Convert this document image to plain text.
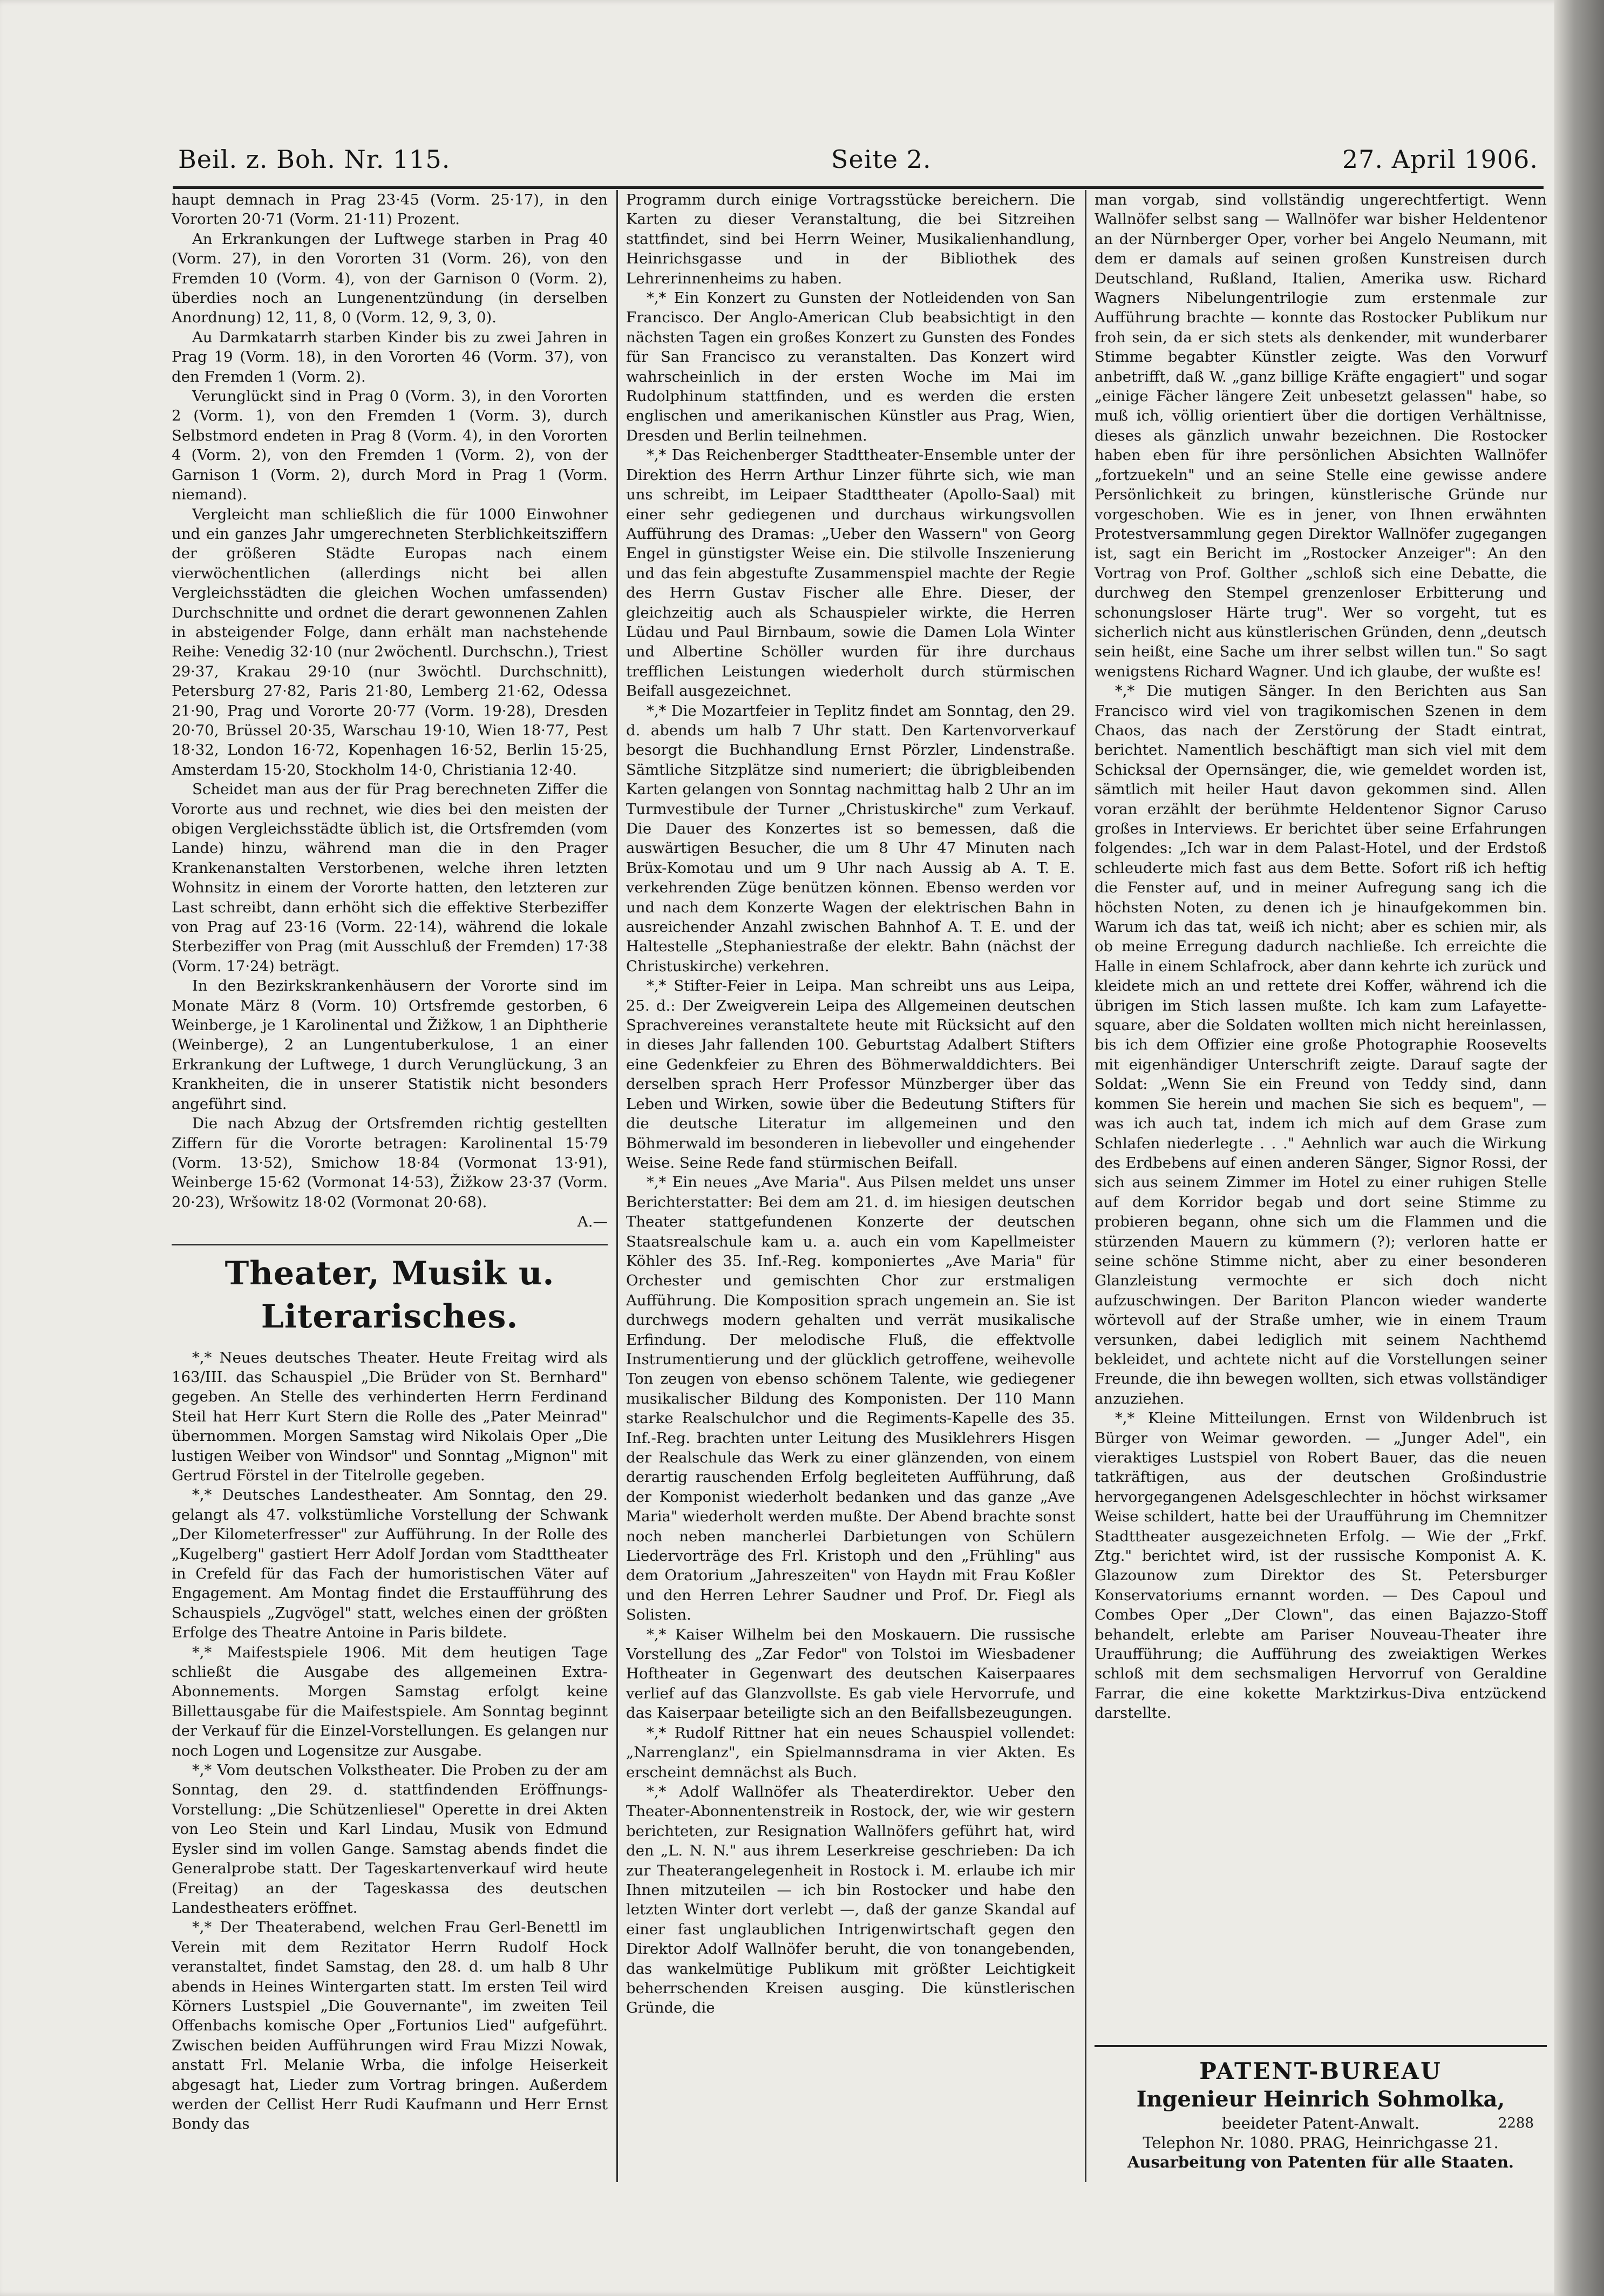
Beil. z. Boh. Nr. 115.	Seite 2.	27. April 1906.

haupt demnach in Prag 23·45 (Vorm. 25·17), in den Vororten 20·71 (Vorm. 21·11) Prozent.

An Erkrankungen der Luftwege starben in Prag 40 (Vorm. 27), in den Vororten 31 (Vorm. 26), von den Fremden 10 (Vorm. 4), von der Garnison 0 (Vorm. 2), überdies noch an Lungenentzündung (in derselben Anordnung) 12, 11, 8, 0 (Vorm. 12, 9, 3, 0).

Au Darmkatarrh starben Kinder bis zu zwei Jahren in Prag 19 (Vorm. 18), in den Vororten 46 (Vorm. 37), von den Fremden 1 (Vorm. 2).

Verunglückt sind in Prag 0 (Vorm. 3), in den Vororten 2 (Vorm. 1), von den Fremden 1 (Vorm. 3), durch Selbstmord endeten in Prag 8 (Vorm. 4), in den Vororten 4 (Vorm. 2), von den Fremden 1 (Vorm. 2), von der Garnison 1 (Vorm. 2), durch Mord in Prag 1 (Vorm. niemand).

Vergleicht man schließlich die für 1000 Einwohner und ein ganzes Jahr umgerechneten Sterblichkeitsziffern der größeren Städte Europas nach einem vierwöchentlichen (allerdings nicht bei allen Vergleichsstädten die gleichen Wochen umfassenden) Durchschnitte und ordnet die derart gewonnenen Zahlen in absteigender Folge, dann erhält man nachstehende Reihe: Venedig 32·10 (nur 2wöchentl. Durchschn.), Triest 29·37, Krakau 29·10 (nur 3wöchtl. Durchschnitt), Petersburg 27·82, Paris 21·80, Lemberg 21·62, Odessa 21·90, Prag und Vororte 20·77 (Vorm. 19·28), Dresden 20·70, Brüssel 20·35, Warschau 19·10, Wien 18·77, Pest 18·32, London 16·72, Kopenhagen 16·52, Berlin 15·25, Amsterdam 15·20, Stockholm 14·0, Christiania 12·40.

Scheidet man aus der für Prag berechneten Ziffer die Vororte aus und rechnet, wie dies bei den meisten der obigen Vergleichsstädte üblich ist, die Ortsfremden (vom Lande) hinzu, während man die in den Prager Krankenanstalten Verstorbenen, welche ihren letzten Wohnsitz in einem der Vororte hatten, den letzteren zur Last schreibt, dann erhöht sich die effektive Sterbeziffer von Prag auf 23·16 (Vorm. 22·14), während die lokale Sterbeziffer von Prag (mit Ausschluß der Fremden) 17·38 (Vorm. 17·24) beträgt.

In den Bezirkskrankenhäusern der Vororte sind im Monate März 8 (Vorm. 10) Ortsfremde gestorben, 6 Weinberge, je 1 Karolinental und Žižkow, 1 an Diphtherie (Weinberge), 2 an Lungentuberkulose, 1 an einer Erkrankung der Luftwege, 1 durch Verunglückung, 3 an Krankheiten, die in unserer Statistik nicht besonders angeführt sind.

Die nach Abzug der Ortsfremden richtig gestellten Ziffern für die Vororte betragen: Karolinental 15·79 (Vorm. 13·52), Smichow 18·84 (Vormonat 13·91), Weinberge 15·62 (Vormonat 14·53), Žižkow 23·37 (Vorm. 20·23), Wršowitz 18·02 (Vormonat 20·68).

A.—

Theater, Musik u. Literarisches.

*,* Neues deutsches Theater. Heute Freitag wird als 163/III. das Schauspiel „Die Brüder von St. Bernhard" gegeben. An Stelle des verhinderten Herrn Ferdinand Steil hat Herr Kurt Stern die Rolle des „Pater Meinrad" übernommen. Morgen Samstag wird Nikolais Oper „Die lustigen Weiber von Windsor" und Sonntag „Mignon" mit Gertrud Förstel in der Titelrolle gegeben.

*,* Deutsches Landestheater. Am Sonntag, den 29. gelangt als 47. volkstümliche Vorstellung der Schwank „Der Kilometerfresser" zur Aufführung. In der Rolle des „Kugelberg" gastiert Herr Adolf Jordan vom Stadttheater in Crefeld für das Fach der humoristischen Väter auf Engagement. Am Montag findet die Erstaufführung des Schauspiels „Zugvögel" statt, welches einen der größten Erfolge des Theatre Antoine in Paris bildete.

*,* Maifestspiele 1906. Mit dem heutigen Tage schließt die Ausgabe des allgemeinen Extra-Abonnements. Morgen Samstag erfolgt keine Billettausgabe für die Maifestspiele. Am Sonntag beginnt der Verkauf für die Einzel-Vorstellungen. Es gelangen nur noch Logen und Logensitze zur Ausgabe.

*,* Vom deutschen Volkstheater. Die Proben zu der am Sonntag, den 29. d. stattfindenden Eröffnungs-Vorstellung: „Die Schützenliesel" Operette in drei Akten von Leo Stein und Karl Lindau, Musik von Edmund Eysler sind im vollen Gange. Samstag abends findet die Generalprobe statt. Der Tageskartenverkauf wird heute (Freitag) an der Tageskassa des deutschen Landestheaters eröffnet.

*,* Der Theaterabend, welchen Frau Gerl-Benettl im Verein mit dem Rezitator Herrn Rudolf Hock veranstaltet, findet Samstag, den 28. d. um halb 8 Uhr abends in Heines Wintergarten statt. Im ersten Teil wird Körners Lustspiel „Die Gouvernante", im zweiten Teil Offenbachs komische Oper „Fortunios Lied" aufgeführt. Zwischen beiden Aufführungen wird Frau Mizzi Nowak, anstatt Frl. Melanie Wrba, die infolge Heiserkeit abgesagt hat, Lieder zum Vortrag bringen. Außerdem werden der Cellist Herr Rudi Kaufmann und Herr Ernst Bondy das

Programm durch einige Vortragsstücke bereichern. Die Karten zu dieser Veranstaltung, die bei Sitzreihen stattfindet, sind bei Herrn Weiner, Musikalienhandlung, Heinrichsgasse und in der Bibliothek des Lehrerinnenheims zu haben.

*,* Ein Konzert zu Gunsten der Notleidenden von San Francisco. Der Anglo-American Club beabsichtigt in den nächsten Tagen ein großes Konzert zu Gunsten des Fondes für San Francisco zu veranstalten. Das Konzert wird wahrscheinlich in der ersten Woche im Mai im Rudolphinum stattfinden, und es werden die ersten englischen und amerikanischen Künstler aus Prag, Wien, Dresden und Berlin teilnehmen.

*,* Das Reichenberger Stadttheater-Ensemble unter der Direktion des Herrn Arthur Linzer führte sich, wie man uns schreibt, im Leipaer Stadttheater (Apollo-Saal) mit einer sehr gediegenen und durchaus wirkungsvollen Aufführung des Dramas: „Ueber den Wassern" von Georg Engel in günstigster Weise ein. Die stilvolle Inszenierung und das fein abgestufte Zusammenspiel machte der Regie des Herrn Gustav Fischer alle Ehre. Dieser, der gleichzeitig auch als Schauspieler wirkte, die Herren Lüdau und Paul Birnbaum, sowie die Damen Lola Winter und Albertine Schöller wurden für ihre durchaus trefflichen Leistungen wiederholt durch stürmischen Beifall ausgezeichnet.

*,* Die Mozartfeier in Teplitz findet am Sonntag, den 29. d. abends um halb 7 Uhr statt. Den Kartenvorverkauf besorgt die Buchhandlung Ernst Pörzler, Lindenstraße. Sämtliche Sitzplätze sind numeriert; die übrigbleibenden Karten gelangen von Sonntag nachmittag halb 2 Uhr an im Turmvestibule der Turner „Christuskirche" zum Verkauf. Die Dauer des Konzertes ist so bemessen, daß die auswärtigen Besucher, die um 8 Uhr 47 Minuten nach Brüx-Komotau und um 9 Uhr nach Aussig ab A. T. E. verkehrenden Züge benützen können. Ebenso werden vor und nach dem Konzerte Wagen der elektrischen Bahn in ausreichender Anzahl zwischen Bahnhof A. T. E. und der Haltestelle „Stephaniestraße der elektr. Bahn (nächst der Christuskirche) verkehren.

*,* Stifter-Feier in Leipa. Man schreibt uns aus Leipa, 25. d.: Der Zweigverein Leipa des Allgemeinen deutschen Sprachvereines veranstaltete heute mit Rücksicht auf den in dieses Jahr fallenden 100. Geburtstag Adalbert Stifters eine Gedenkfeier zu Ehren des Böhmerwalddichters. Bei derselben sprach Herr Professor Münzberger über das Leben und Wirken, sowie über die Bedeutung Stifters für die deutsche Literatur im allgemeinen und den Böhmerwald im besonderen in liebevoller und eingehender Weise. Seine Rede fand stürmischen Beifall.

*,* Ein neues „Ave Maria". Aus Pilsen meldet uns unser Berichterstatter: Bei dem am 21. d. im hiesigen deutschen Theater stattgefundenen Konzerte der deutschen Staatsrealschule kam u. a. auch ein vom Kapellmeister Köhler des 35. Inf.-Reg. komponiertes „Ave Maria" für Orchester und gemischten Chor zur erstmaligen Aufführung. Die Komposition sprach ungemein an. Sie ist durchwegs modern gehalten und verrät musikalische Erfindung. Der melodische Fluß, die effektvolle Instrumentierung und der glücklich getroffene, weihevolle Ton zeugen von ebenso schönem Talente, wie gediegener musikalischer Bildung des Komponisten. Der 110 Mann starke Realschulchor und die Regiments-Kapelle des 35. Inf.-Reg. brachten unter Leitung des Musiklehrers Hisgen der Realschule das Werk zu einer glänzenden, von einem derartig rauschenden Erfolg begleiteten Aufführung, daß der Komponist wiederholt bedanken und das ganze „Ave Maria" wiederholt werden mußte. Der Abend brachte sonst noch neben mancherlei Darbietungen von Schülern Liedervorträge des Frl. Kristoph und den „Frühling" aus dem Oratorium „Jahreszeiten" von Haydn mit Frau Koßler und den Herren Lehrer Saudner und Prof. Dr. Fiegl als Solisten.

*,* Kaiser Wilhelm bei den Moskauern. Die russische Vorstellung des „Zar Fedor" von Tolstoi im Wiesbadener Hoftheater in Gegenwart des deutschen Kaiserpaares verlief auf das Glanzvollste. Es gab viele Hervorrufe, und das Kaiserpaar beteiligte sich an den Beifallsbezeugungen.

*,* Rudolf Rittner hat ein neues Schauspiel vollendet: „Narrenglanz", ein Spielmannsdrama in vier Akten. Es erscheint demnächst als Buch.

*,* Adolf Wallnöfer als Theaterdirektor. Ueber den Theater-Abonnentenstreik in Rostock, der, wie wir gestern berichteten, zur Resignation Wallnöfers geführt hat, wird den „L. N. N." aus ihrem Leserkreise geschrieben: Da ich zur Theaterangelegenheit in Rostock i. M. erlaube ich mir Ihnen mitzuteilen — ich bin Rostocker und habe den letzten Winter dort verlebt —, daß der ganze Skandal auf einer fast unglaublichen Intrigenwirtschaft gegen den Direktor Adolf Wallnöfer beruht, die von tonangebenden, das wankelmütige Publikum mit größter Leichtigkeit beherrschenden Kreisen ausging. Die künstlerischen Gründe, die

man vorgab, sind vollständig ungerechtfertigt. Wenn Wallnöfer selbst sang — Wallnöfer war bisher Heldentenor an der Nürnberger Oper, vorher bei Angelo Neumann, mit dem er damals auf seinen großen Kunstreisen durch Deutschland, Rußland, Italien, Amerika usw. Richard Wagners Nibelungentrilogie zum erstenmale zur Aufführung brachte — konnte das Rostocker Publikum nur froh sein, da er sich stets als denkender, mit wunderbarer Stimme begabter Künstler zeigte. Was den Vorwurf anbetrifft, daß W. „ganz billige Kräfte engagiert" und sogar „einige Fächer längere Zeit unbesetzt gelassen" habe, so muß ich, völlig orientiert über die dortigen Verhältnisse, dieses als gänzlich unwahr bezeichnen. Die Rostocker haben eben für ihre persönlichen Absichten Wallnöfer „fortzuekeln" und an seine Stelle eine gewisse andere Persönlichkeit zu bringen, künstlerische Gründe nur vorgeschoben. Wie es in jener, von Ihnen erwähnten Protestversammlung gegen Direktor Wallnöfer zugegangen ist, sagt ein Bericht im „Rostocker Anzeiger": An den Vortrag von Prof. Golther „schloß sich eine Debatte, die durchweg den Stempel grenzenloser Erbitterung und schonungsloser Härte trug". Wer so vorgeht, tut es sicherlich nicht aus künstlerischen Gründen, denn „deutsch sein heißt, eine Sache um ihrer selbst willen tun." So sagt wenigstens Richard Wagner. Und ich glaube, der wußte es!

*,* Die mutigen Sänger. In den Berichten aus San Francisco wird viel von tragikomischen Szenen in dem Chaos, das nach der Zerstörung der Stadt eintrat, berichtet. Namentlich beschäftigt man sich viel mit dem Schicksal der Opernsänger, die, wie gemeldet worden ist, sämtlich mit heiler Haut davon gekommen sind. Allen voran erzählt der berühmte Heldentenor Signor Caruso großes in Interviews. Er berichtet über seine Erfahrungen folgendes: „Ich war in dem Palast-Hotel, und der Erdstoß schleuderte mich fast aus dem Bette. Sofort riß ich heftig die Fenster auf, und in meiner Aufregung sang ich die höchsten Noten, zu denen ich je hinaufgekommen bin. Warum ich das tat, weiß ich nicht; aber es schien mir, als ob meine Erregung dadurch nachließe. Ich erreichte die Halle in einem Schlafrock, aber dann kehrte ich zurück und kleidete mich an und rettete drei Koffer, während ich die übrigen im Stich lassen mußte. Ich kam zum Lafayette-square, aber die Soldaten wollten mich nicht hereinlassen, bis ich dem Offizier eine große Photographie Roosevelts mit eigenhändiger Unterschrift zeigte. Darauf sagte der Soldat: „Wenn Sie ein Freund von Teddy sind, dann kommen Sie herein und machen Sie sich es bequem", — was ich auch tat, indem ich mich auf dem Grase zum Schlafen niederlegte . . ." Aehnlich war auch die Wirkung des Erdbebens auf einen anderen Sänger, Signor Rossi, der sich aus seinem Zimmer im Hotel zu einer ruhigen Stelle auf dem Korridor begab und dort seine Stimme zu probieren begann, ohne sich um die Flammen und die stürzenden Mauern zu kümmern (?); verloren hatte er seine schöne Stimme nicht, aber zu einer besonderen Glanzleistung vermochte er sich doch nicht aufzuschwingen. Der Bariton Plancon wieder wanderte wörtevoll auf der Straße umher, wie in einem Traum versunken, dabei lediglich mit seinem Nachthemd bekleidet, und achtete nicht auf die Vorstellungen seiner Freunde, die ihn bewegen wollten, sich etwas vollständiger anzuziehen.

*,* Kleine Mitteilungen. Ernst von Wildenbruch ist Bürger von Weimar geworden. — „Junger Adel", ein vieraktiges Lustspiel von Robert Bauer, das die neuen tatkräftigen, aus der deutschen Großindustrie hervorgegangenen Adelsgeschlechter in höchst wirksamer Weise schildert, hatte bei der Uraufführung im Chemnitzer Stadttheater ausgezeichneten Erfolg. — Wie der „Frkf. Ztg." berichtet wird, ist der russische Komponist A. K. Glazounow zum Direktor des St. Petersburger Konservatoriums ernannt worden. — Des Capoul und Combes Oper „Der Clown", das einen Bajazzo-Stoff behandelt, erlebte am Pariser Nouveau-Theater ihre Uraufführung; die Aufführung des zweiaktigen Werkes schloß mit dem sechsmaligen Hervorruf von Geraldine Farrar, die eine kokette Marktzirkus-Diva entzückend darstellte.

PATENT-BUREAU
Ingenieur Heinrich Sohmolka,
beeideter Patent-Anwalt.	2288
Telephon Nr. 1080. PRAG, Heinrichgasse 21.
Ausarbeitung von Patenten für alle Staaten.
